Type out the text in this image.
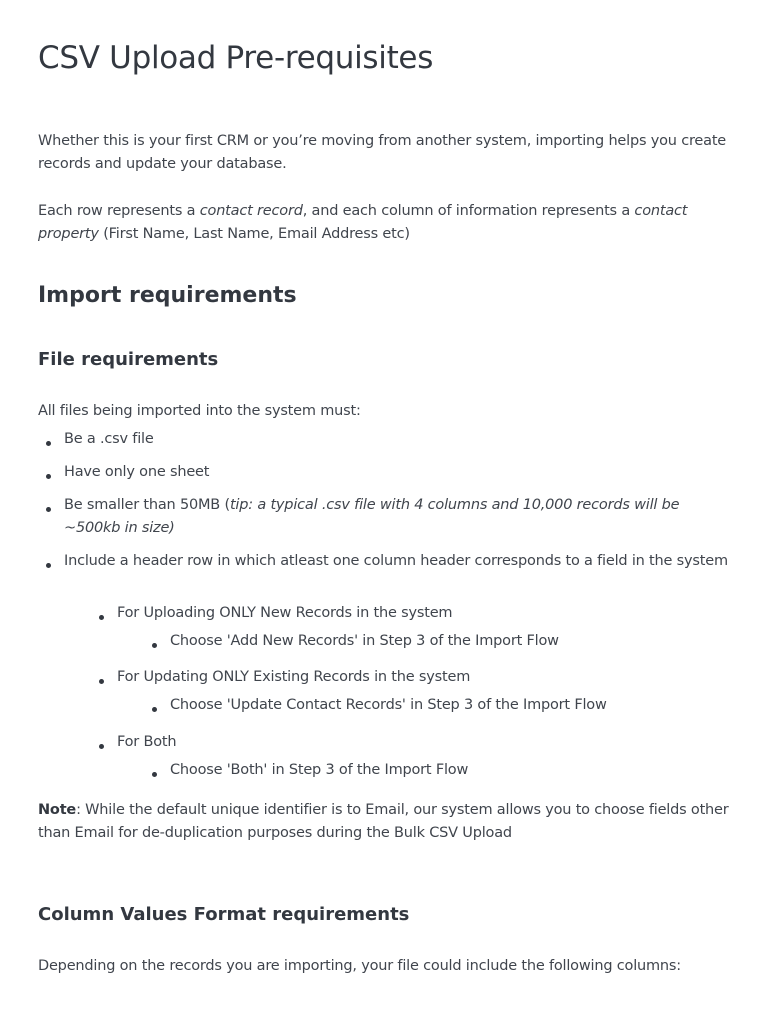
CSV Upload Pre-requisites

Whether this is your first CRM or you’re moving from another system, importing helps you create records and update your database.

Each row represents a contact record, and each column of information represents a contact property (First Name, Last Name, Email Address etc)

Import requirements
File requirements

All files being imported into the system must:

Be a .csv file
Have only one sheet
Be smaller than 50MB (tip: a typical .csv file with 4 columns and 10,000 records will be ~500kb in size)
Include a header row in which atleast one column header corresponds to a field in the system
For Uploading ONLY New Records in the system
Choose 'Add New Records' in Step 3 of the Import Flow
For Updating ONLY Existing Records in the system
Choose 'Update Contact Records' in Step 3 of the Import Flow
For Both
Choose 'Both' in Step 3 of the Import Flow

Note: While the default unique identifier is to Email, our system allows you to choose fields other than Email for de-duplication purposes during the Bulk CSV Upload

Column Values Format requirements

Depending on the records you are importing, your file could include the following columns:
